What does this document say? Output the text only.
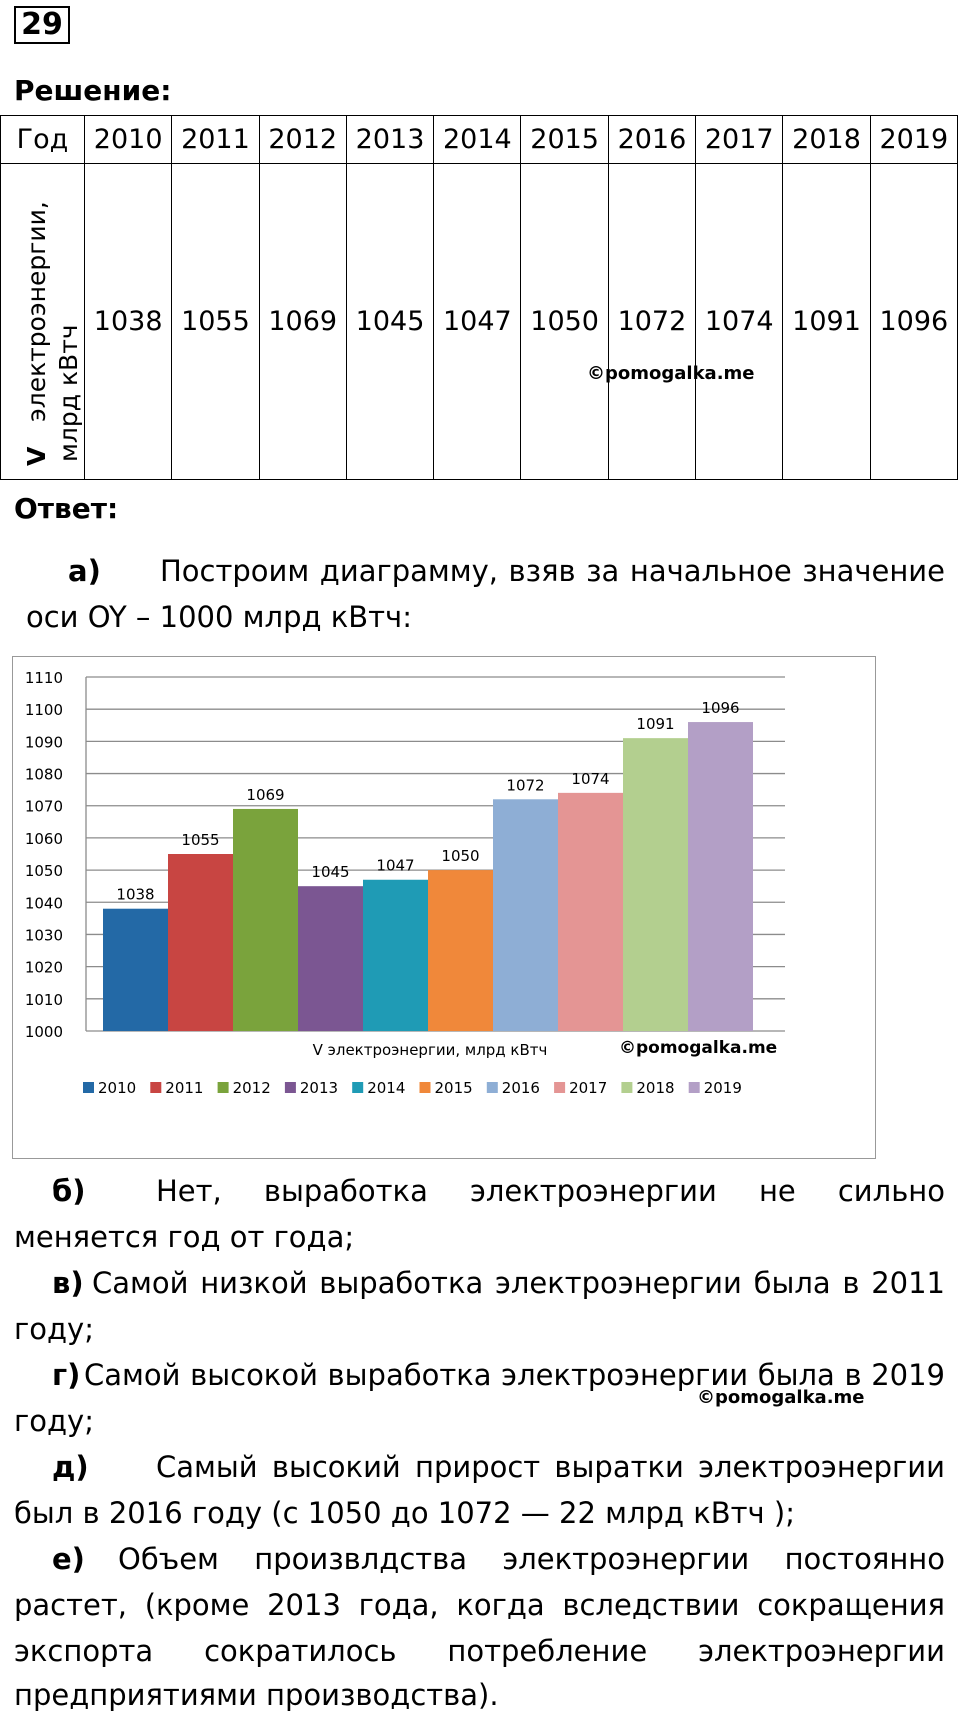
29
Решение:
Год	2010	2011	2012	2013	2014	2015	2016	2017	2018	2019

V
электроэнергии, млрд кВтч	1038	1055	1069	1045	1047	1050	1072	1074	1091	1096
©pomogalka.me
Ответ:
а) Построим диаграмму, взяв за начальное значение
оси OY – 1000 млрд кВтч:
1000
1010
1020
1030
1040
1050
1060
1070
1080
1090
1100
1110
1038
1055
1069
1045 1047
1050
1072 1074
1091
1096
V электроэнергии, млрд кВтч	©pomogalka.me
2010 2011 2012 2013 2014 2015 2016 2017 2018 2019
б) Нет, выработка электроэнергии не сильно
меняется год от года;
в) Самой низкой выработка электроэнергии была в 2011
году;
г) Самой высокой выработка электроэнергии была в 2019
году;
©pomogalka.me
д) Самый высокий прирост выратки электроэнергии
был в 2016 году (с 1050 до 1072 — 22 млрд кВтч );
е) Объем произвлдства электроэнергии постоянно
растет, (кроме 2013 года, когда вследствии сокращения
экспорта сократилось потребление электроэнергии
предприятиями производства).
